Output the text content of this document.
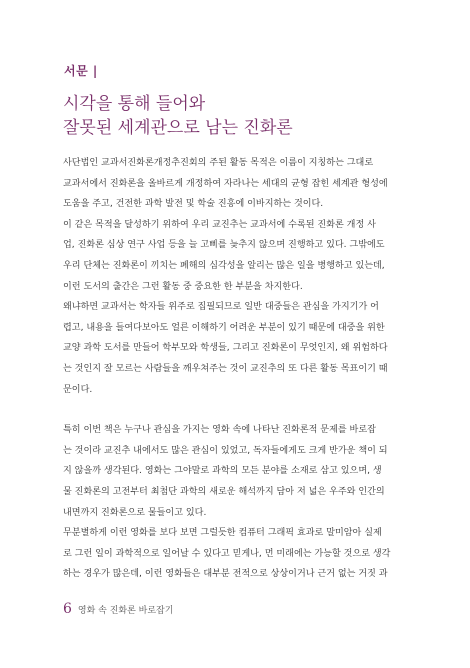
서문 |
시각을 통해 들어와
잘못된 세계관으로 남는 진화론
사단법인 교과서진화론개정추진회의 주된 활동 목적은 이름이 지칭하는 그대로
교과서에서 진화론을 올바르게 개정하여 자라나는 세대의 균형 잡힌 세계관 형성에
도움을 주고, 건전한 과학 발전 및 학술 진흥에 이바지하는 것이다.
이 같은 목적을 달성하기 위하여 우리 교진추는 교과서에 수록된 진화론 개정 사
업, 진화론 심상 연구 사업 등을 늘 고삐를 늦추지 않으며 진행하고 있다. 그밖에도
우리 단체는 진화론이 끼치는 폐해의 심각성을 알리는 많은 일을 병행하고 있는데,
이런 도서의 출간은 그런 활동 중 중요한 한 부분을 차지한다.
왜냐하면 교과서는 학자들 위주로 집필되므로 일반 대중들은 관심을 가지기가 어
렵고, 내용을 들여다보아도 얼른 이해하기 어려운 부분이 있기 때문에 대중을 위한
교양 과학 도서를 만들어 학부모와 학생들, 그리고 진화론이 무엇인지, 왜 위험하다
는 것인지 잘 모르는 사람들을 깨우쳐주는 것이 교진추의 또 다른 활동 목표이기 때
문이다.
특히 이번 책은 누구나 관심을 가지는 영화 속에 나타난 진화론적 문제를 바로잡
는 것이라 교진추 내에서도 많은 관심이 있었고, 독자들에게도 크게 반가운 책이 되
지 않을까 생각된다. 영화는 그야말로 과학의 모든 분야를 소재로 삼고 있으며, 생
물 진화론의 고전부터 최첨단 과학의 새로운 해석까지 담아 저 넓은 우주와 인간의
내면까지 진화론으로 물들이고 있다.
무분별하게 이런 영화를 보다 보면 그럴듯한 컴퓨터 그래픽 효과로 말미암아 실제
로 그런 일이 과학적으로 일어날 수 있다고 믿게나, 먼 미래에는 가능할 것으로 생각
하는 경우가 많은데, 이런 영화들은 대부분 전적으로 상상이거나 근거 없는 거짓 과
6 영화 속 진화론 바로잡기
